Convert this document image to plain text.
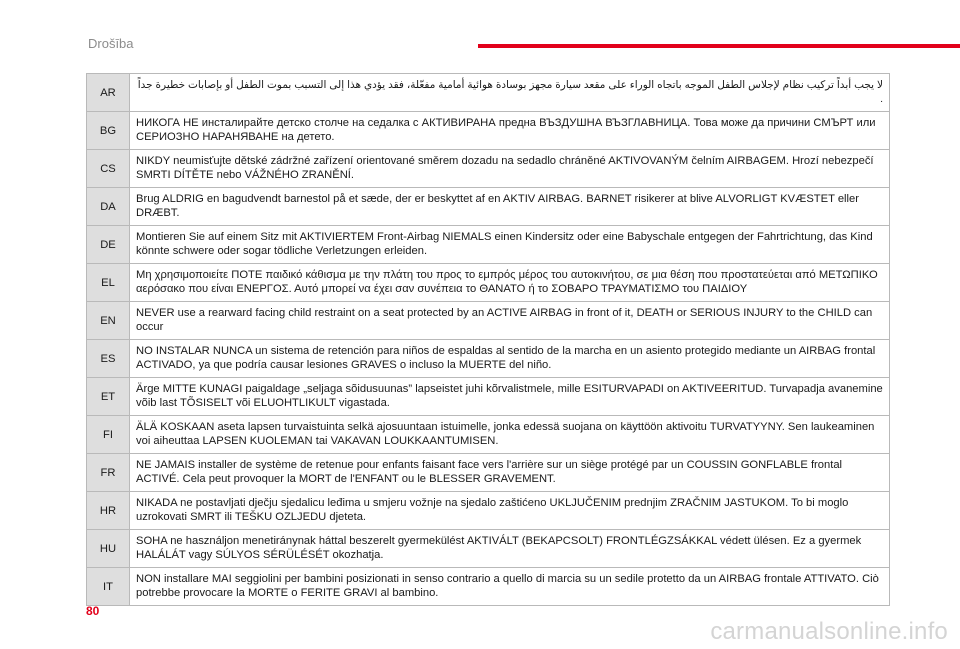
Drošība
AR	لا يجب أبداً تركيب نظام لإجلاس الطفل الموجه باتجاه الوراء على مقعد سيارة مجهز بوسادة هوائية أمامية مفعّلة، فقد يؤدي هذا إلى التسبب بموت الطفل أو بإصابات خطيرة جداً .
BG	НИКОГА НЕ инсталирайте детско столче на седалка с АКТИВИРАНА предна ВЪЗДУШНА ВЪЗГЛАВНИЦА. Това може да причини СМЪРТ или СЕРИОЗНО НАРАНЯВАНЕ на детето.
CS	NIKDY neumisťujte dětské zádržné zařízení orientované směrem dozadu na sedadlo chráněné AKTIVOVANÝM čelním AIRBAGEM. Hrozí nebezpečí SMRTI DÍTĚTE nebo VÁŽNÉHO ZRANĚNÍ.
DA	Brug ALDRIG en bagudvendt barnestol på et sæde, der er beskyttet af en AKTIV AIRBAG. BARNET risikerer at blive ALVORLIGT KVÆSTET eller DRÆBT.
DE	Montieren Sie auf einem Sitz mit AKTIVIERTEM Front-Airbag NIEMALS einen Kindersitz oder eine Babyschale entgegen der Fahrtrichtung, das Kind könnte schwere oder sogar tödliche Verletzungen erleiden.
EL	Μη χρησιμοποιείτε ΠΟΤΕ παιδικό κάθισμα με την πλάτη του προς το εμπρός μέρος του αυτοκινήτου, σε μια θέση που προστατεύεται από ΜΕΤΩΠΙΚΟ αερόσακο που είναι ΕΝΕΡΓΟΣ. Αυτό μπορεί να έχει σαν συνέπεια το ΘΑΝΑΤΟ ή το ΣΟΒΑΡΟ ΤΡΑΥΜΑΤΙΣΜΟ του ΠΑΙΔΙΟΥ
EN	NEVER use a rearward facing child restraint on a seat protected by an ACTIVE AIRBAG in front of it, DEATH or SERIOUS INJURY to the CHILD can occur
ES	NO INSTALAR NUNCA un sistema de retención para niños de espaldas al sentido de la marcha en un asiento protegido mediante un AIRBAG frontal ACTIVADO, ya que podría causar lesiones GRAVES o incluso la MUERTE del niño.
ET	Ärge MITTE KUNAGI paigaldage „seljaga sõidusuunas” lapseistet juhi kõrvalistmele, mille ESITURVAPADI on AKTIVEERITUD. Turvapadja avanemine võib last TÕSISELT või ELUOHTLIKULT vigastada.
FI	ÄLÄ KOSKAAN aseta lapsen turvaistuinta selkä ajosuuntaan istuimelle, jonka edessä suojana on käyttöön aktivoitu TURVATYYNY. Sen laukeaminen voi aiheuttaa LAPSEN KUOLEMAN tai VAKAVAN LOUKKAANTUMISEN.
FR	NE JAMAIS installer de système de retenue pour enfants faisant face vers l'arrière sur un siège protégé par un COUSSIN GONFLABLE frontal ACTIVÉ. Cela peut provoquer la MORT de l'ENFANT ou le BLESSER GRAVEMENT.
HR	NIKADA ne postavljati dječju sjedalicu leđima u smjeru vožnje na sjedalo zaštićeno UKLJUČENIM prednjim ZRAČNIM JASTUKOM. To bi moglo uzrokovati SMRT ili TEŠKU OZLJEDU djeteta.
HU	SOHA ne használjon menetiránynak háttal beszerelt gyermekülést AKTIVÁLT (BEKAPCSOLT) FRONTLÉGZSÁKKAL védett ülésen. Ez a gyermek HALÁLÁT vagy SÚLYOS SÉRÜLÉSÉT okozhatja.
IT	NON installare MAI seggiolini per bambini posizionati in senso contrario a quello di marcia su un sedile protetto da un AIRBAG frontale ATTIVATO. Ciò potrebbe provocare la MORTE o FERITE GRAVI al bambino.
80
carmanualsonline.info
